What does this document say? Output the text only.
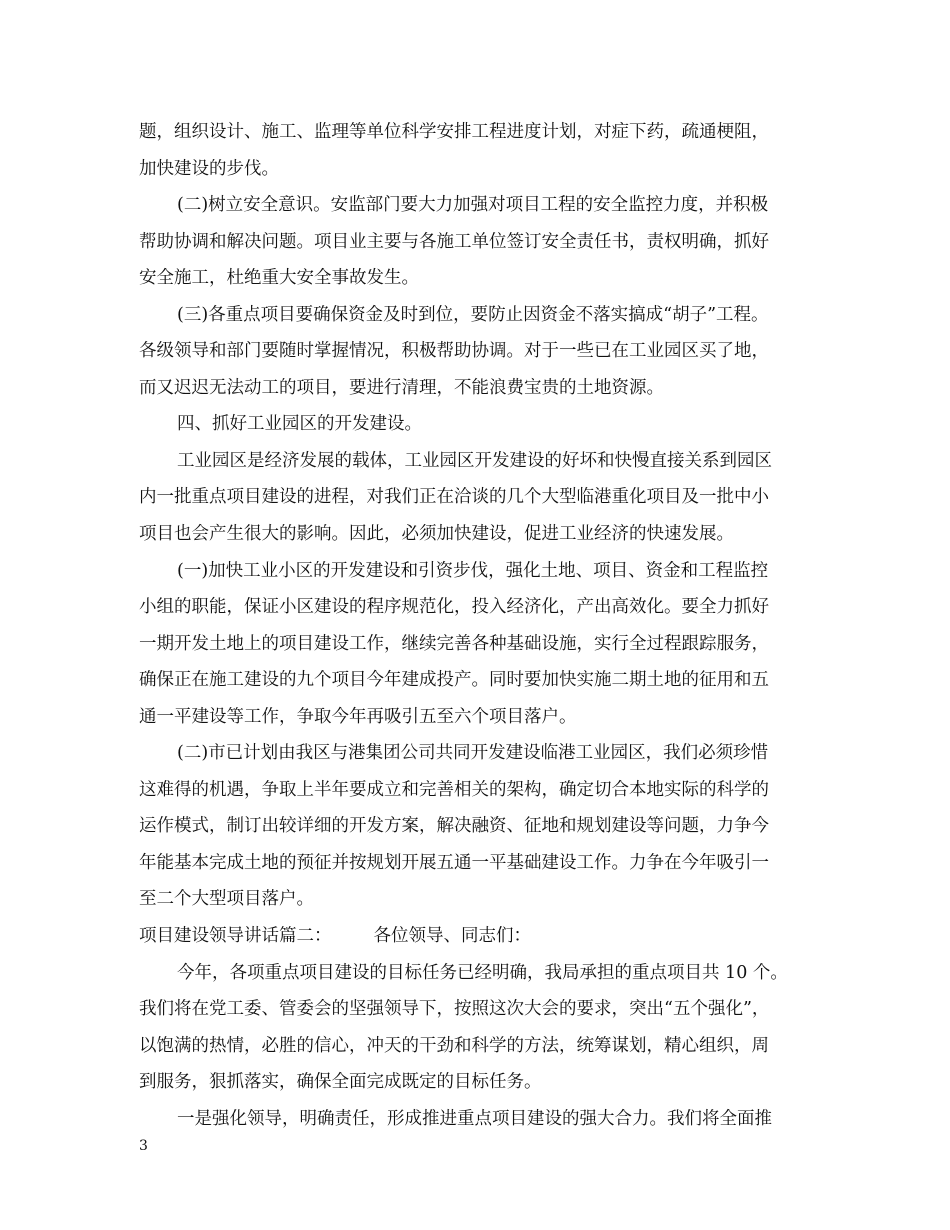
题，组织设计、施工、监理等单位科学安排工程进度计划，对症下药，疏通梗阻，
加快建设的步伐。
(二)树立安全意识。安监部门要大力加强对项目工程的安全监控力度，并积极
帮助协调和解决问题。项目业主要与各施工单位签订安全责任书，责权明确，抓好
安全施工，杜绝重大安全事故发生。
(三)各重点项目要确保资金及时到位，要防止因资金不落实搞成“胡子”工程。
各级领导和部门要随时掌握情况，积极帮助协调。对于一些已在工业园区买了地，
而又迟迟无法动工的项目，要进行清理，不能浪费宝贵的土地资源。
四、抓好工业园区的开发建设。
工业园区是经济发展的载体，工业园区开发建设的好坏和快慢直接关系到园区
内一批重点项目建设的进程，对我们正在洽谈的几个大型临港重化项目及一批中小
项目也会产生很大的影响。因此，必须加快建设，促进工业经济的快速发展。
(一)加快工业小区的开发建设和引资步伐，强化土地、项目、资金和工程监控
小组的职能，保证小区建设的程序规范化，投入经济化，产出高效化。要全力抓好
一期开发土地上的项目建设工作，继续完善各种基础设施，实行全过程跟踪服务，
确保正在施工建设的九个项目今年建成投产。同时要加快实施二期土地的征用和五
通一平建设等工作，争取今年再吸引五至六个项目落户。
(二)市已计划由我区与港集团公司共同开发建设临港工业园区，我们必须珍惜
这难得的机遇，争取上半年要成立和完善相关的架构，确定切合本地实际的科学的
运作模式，制订出较详细的开发方案，解决融资、征地和规划建设等问题，力争今
年能基本完成土地的预征并按规划开展五通一平基础建设工作。力争在今年吸引一
至二个大型项目落户。
项目建设领导讲话篇二： 各位领导、同志们：
今年，各项重点项目建设的目标任务已经明确，我局承担的重点项目共 10 个。
我们将在党工委、管委会的坚强领导下，按照这次大会的要求，突出“五个强化”，
以饱满的热情，必胜的信心，冲天的干劲和科学的方法，统筹谋划，精心组织，周
到服务，狠抓落实，确保全面完成既定的目标任务。
一是强化领导，明确责任，形成推进重点项目建设的强大合力。我们将全面推
3
